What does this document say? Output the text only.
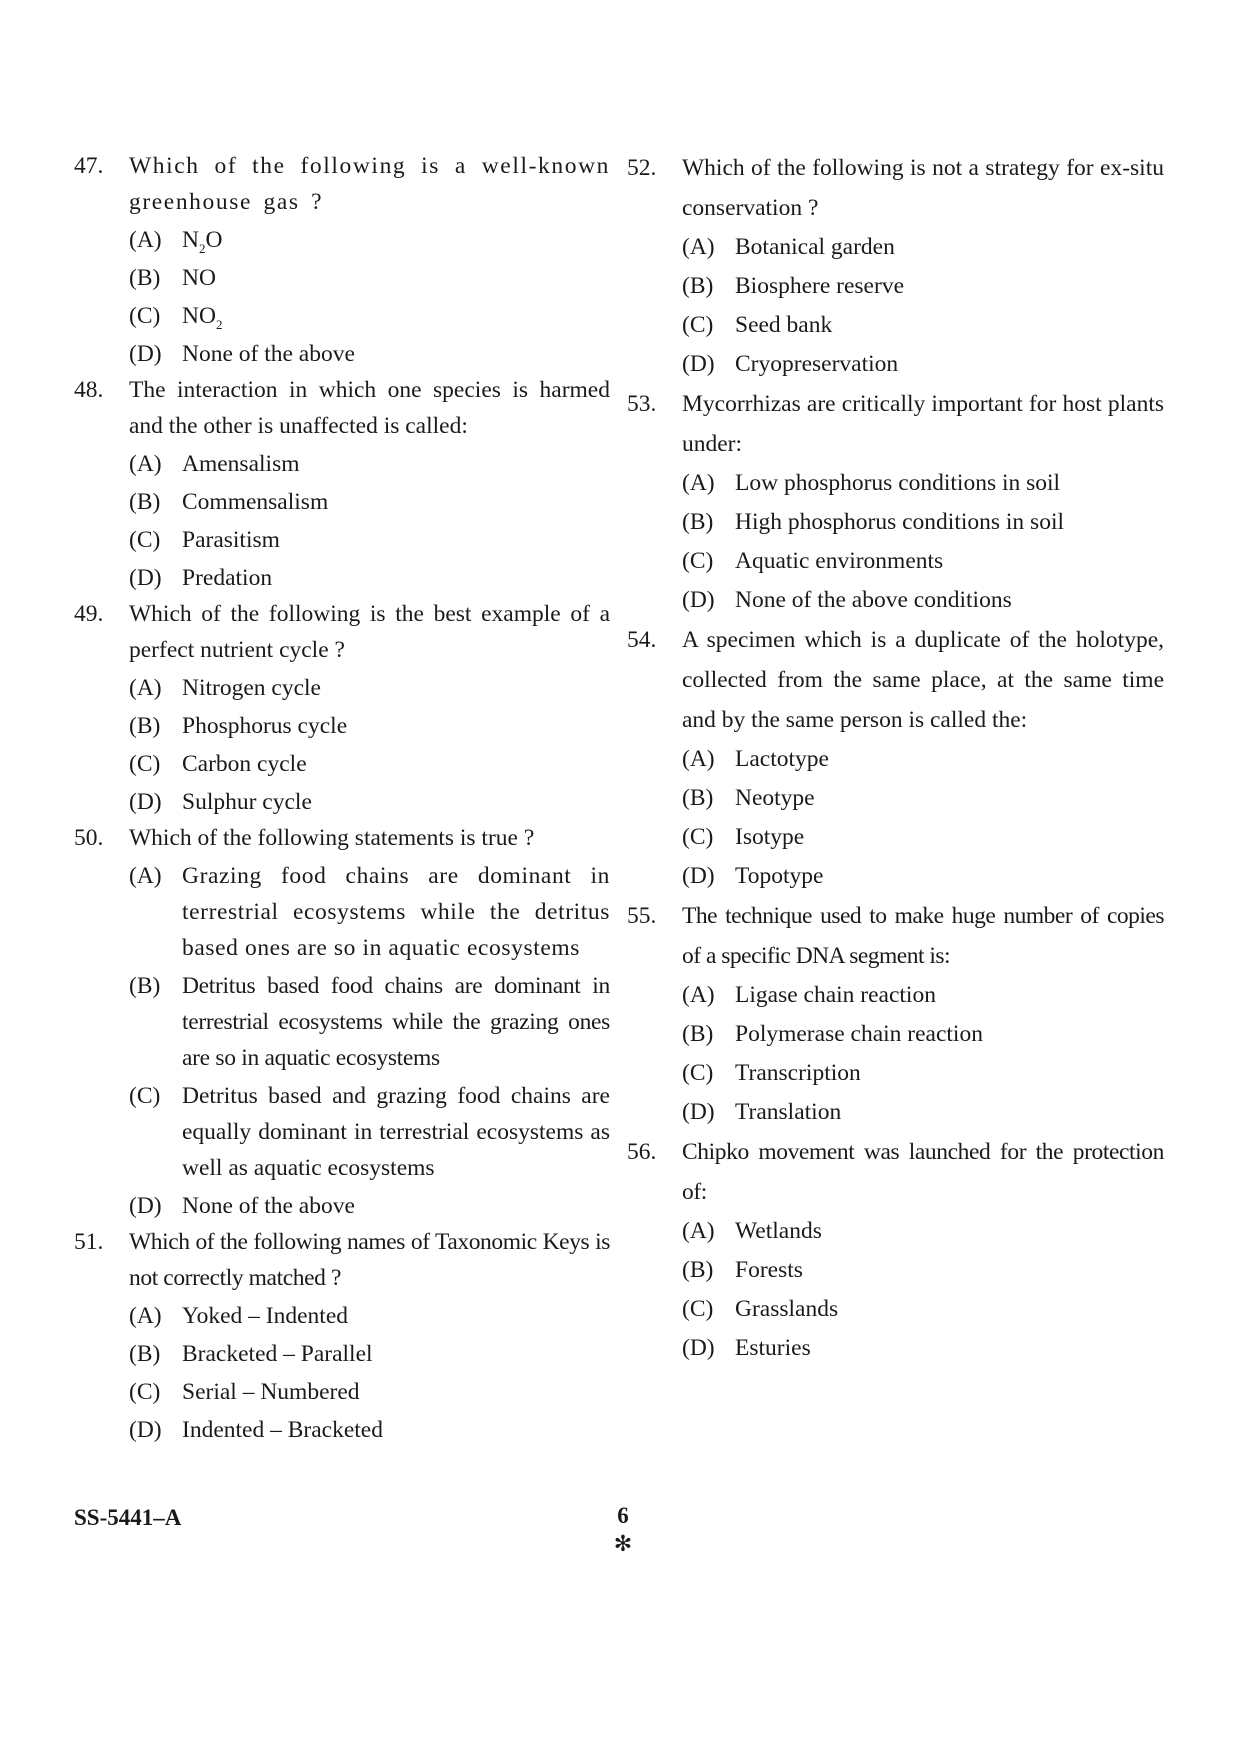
47.	Which of the following is a well-known greenhouse gas ?
(A) $N_2O$
(B) NO
(C) $NO_2$
(D) None of the above
48.	The interaction in which one species is harmed and the other is unaffected is called:
(A) Amensalism
(B) Commensalism
(C) Parasitism
(D) Predation
49.	Which of the following is the best example of a perfect nutrient cycle ?
(A) Nitrogen cycle
(B) Phosphorus cycle
(C) Carbon cycle
(D) Sulphur cycle
50.	Which of the following statements is true ?
(A) Grazing food chains are dominant in terrestrial ecosystems while the detritus based ones are so in aquatic ecosystems
(B) Detritus based food chains are dominant in terrestrial ecosystems while the grazing ones are so in aquatic ecosystems
(C) Detritus based and grazing food chains are equally dominant in terrestrial ecosystems as well as aquatic ecosystems
(D) None of the above
51.	Which of the following names of Taxonomic Keys is not correctly matched ?
(A) Yoked – Indented
(B) Bracketed – Parallel
(C) Serial – Numbered
(D) Indented – Bracketed
52.	Which of the following is not a strategy for ex-situ conservation ?
(A) Botanical garden
(B) Biosphere reserve
(C) Seed bank
(D) Cryopreservation
53.	Mycorrhizas are critically important for host plants under:
(A) Low phosphorus conditions in soil
(B) High phosphorus conditions in soil
(C) Aquatic environments
(D) None of the above conditions
54.	A specimen which is a duplicate of the holotype, collected from the same place, at the same time and by the same person is called the:
(A) Lactotype
(B) Neotype
(C) Isotype
(D) Topotype
55.	The technique used to make huge number of copies of a specific DNA segment is:
(A) Ligase chain reaction
(B) Polymerase chain reaction
(C) Transcription
(D) Translation
56.	Chipko movement was launched for the protection of:
(A) Wetlands
(B) Forests
(C) Grasslands
(D) Esturies
SS-5441–A	6
✻
